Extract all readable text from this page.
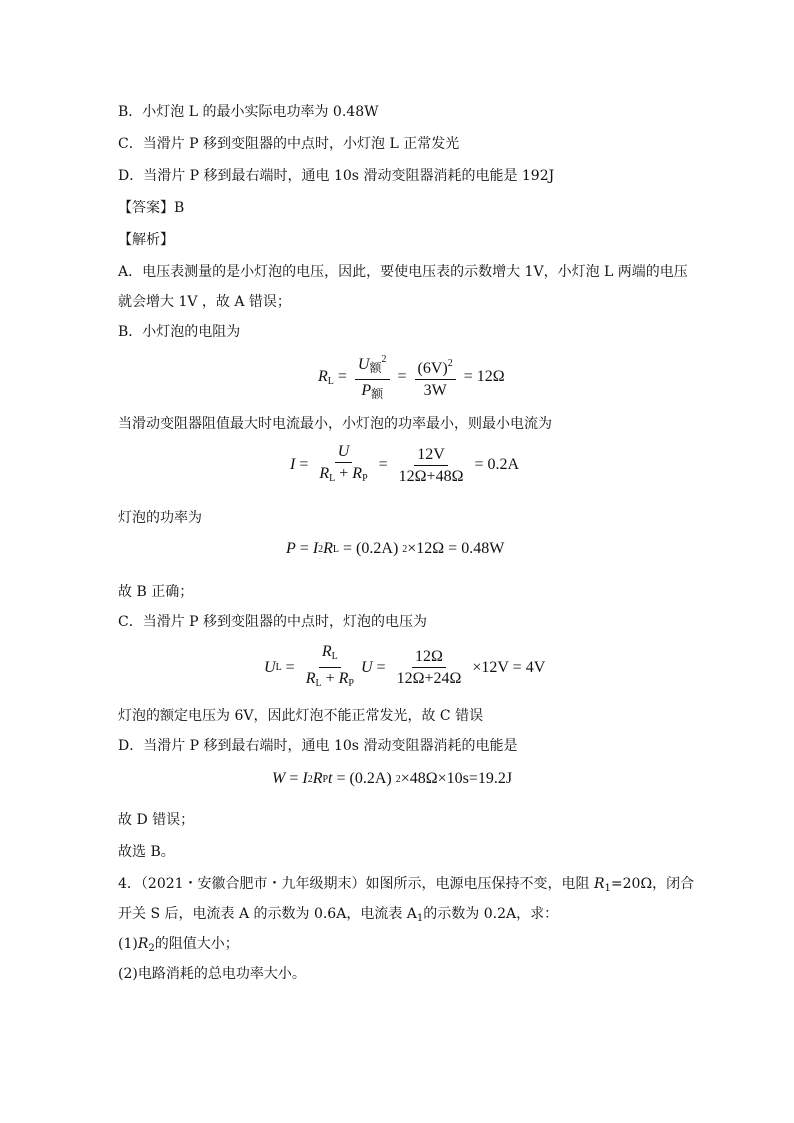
B．小灯泡 L 的最小实际电功率为 0.48W
C．当滑片 P 移到变阻器的中点时，小灯泡 L 正常发光
D．当滑片 P 移到最右端时，通电 10s 滑动变阻器消耗的电能是 192J
【答案】B
【解析】
A．电压表测量的是小灯泡的电压，因此，要使电压表的示数增大 1V，小灯泡 L 两端的电压
就会增大 1V ，故 A 错误；
B．小灯泡的电阻为
$R_L = \frac{U_额^2}{P_额} = \frac{(6V)^2}{3W} = 12\Omega$
当滑动变阻器阻值最大时电流最小，小灯泡的功率最小，则最小电流为
$I = \frac{U}{R_L + R_P} = \frac{12V}{12\Omega+48\Omega} = 0.2A$
灯泡的功率为
P = I 2 R L = (0.2A) 2 ×12Ω = 0.48W
故 B 正确；
C．当滑片 P 移到变阻器的中点时，灯泡的电压为
U $L = \frac{R_L}{R_L + R_P}$ $U = \frac{12\Omega}{12\Omega+24\Omega} \times 12V = 4V$
灯泡的额定电压为 6V，因此灯泡不能正常发光，故 C 错误
D．当滑片 P 移到最右端时，通电 10s 滑动变阻器消耗的电能是
W = I 2 R P t = (0.2A) 2 ×48Ω×10s=19.2J
故 D 错误；
故选 B。
4．（2021・安徽合肥市・九年级期末）如图所示，电源电压保持不变，电阻 $R_1=20\Omega$，闭合
开关 S 后，电流表 A 的示数为 0.6A，电流表 $A_1$的示数为 0.2A，求：
$(1)R_2$的阻值大小；
(2)电路消耗的总电功率大小。
